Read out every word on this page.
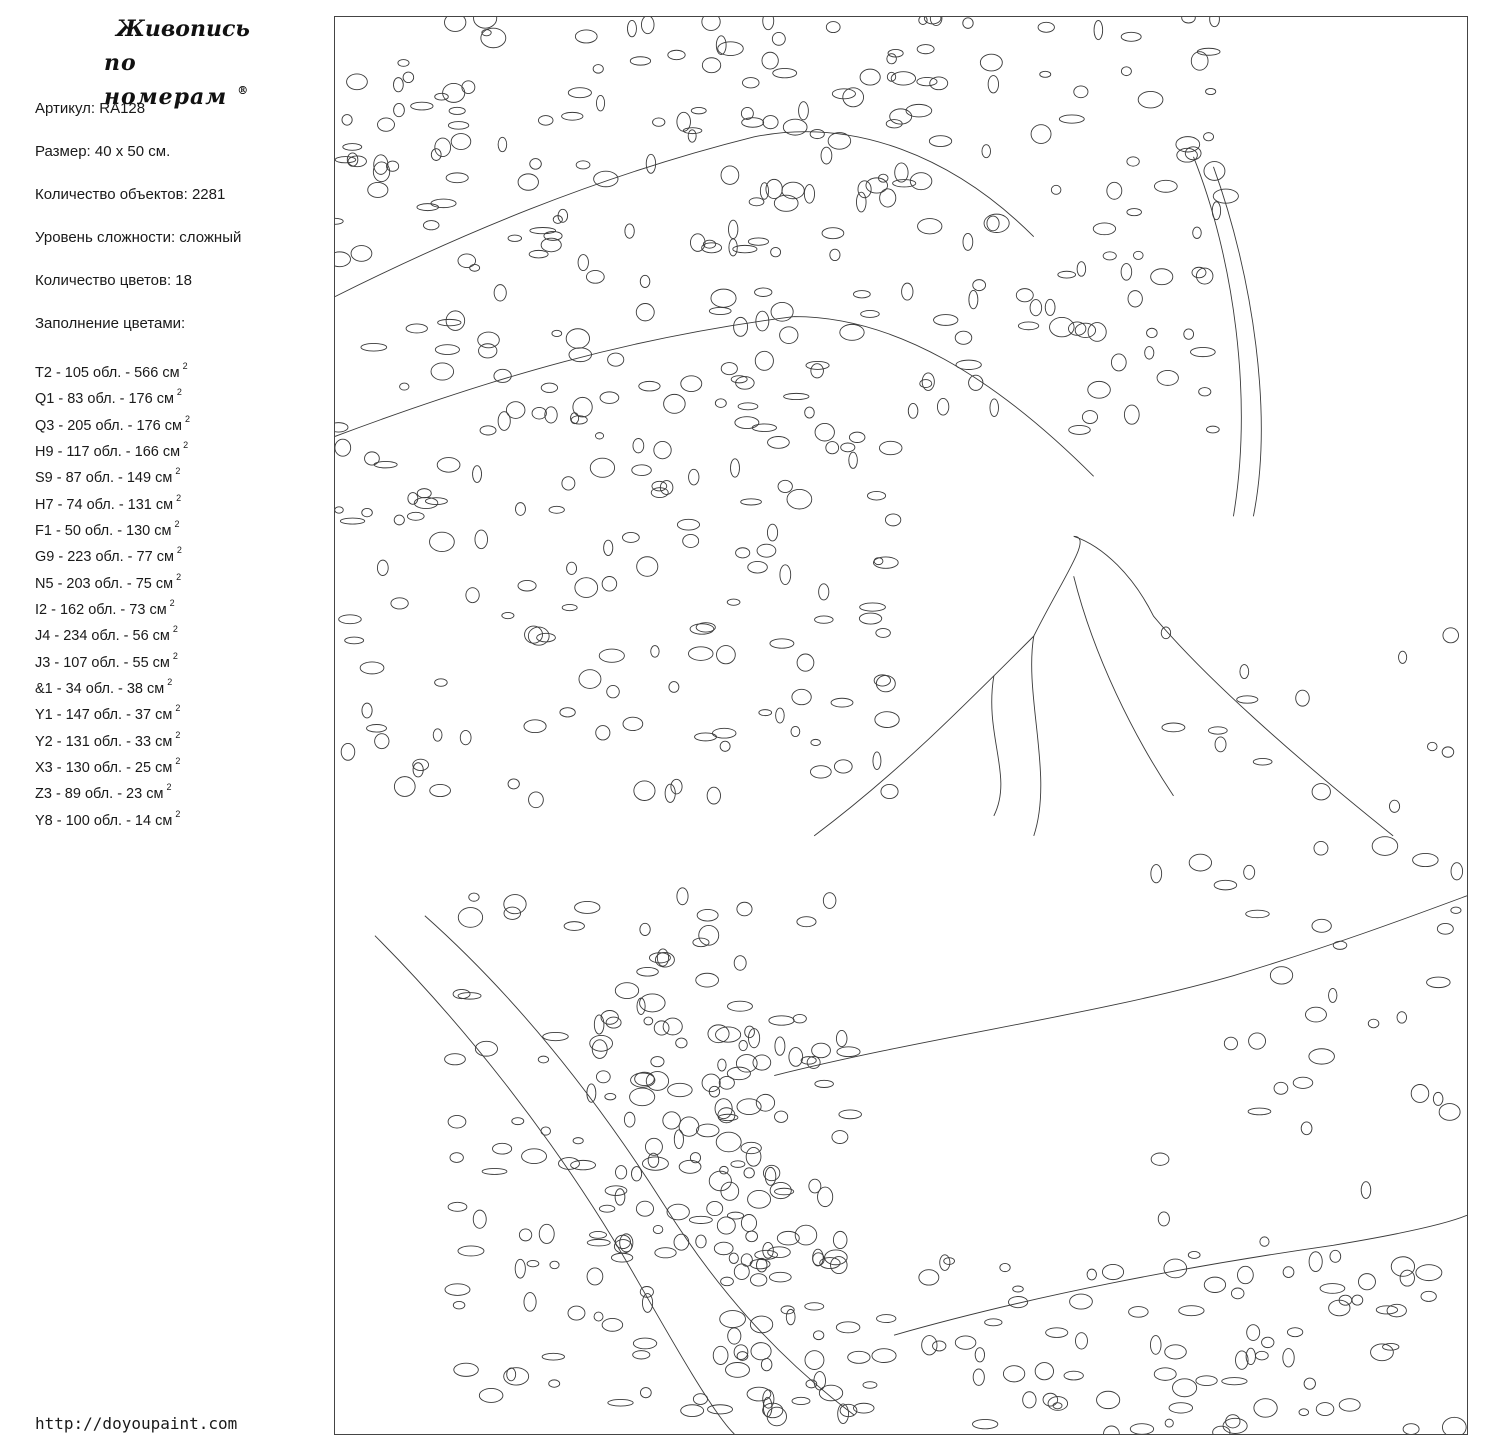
Живопись
по номерам ®

Артикул: RA128

Размер: 40 х 50 см.

Количество объектов: 2281

Уровень сложности: сложный

Количество цветов: 18

Заполнение цветами:

T2 - 105 обл. - 566 см $^2$
Q1 - 83 обл. - 176 см $^2$
Q3 - 205 обл. - 176 см $^2$
H9 - 117 обл. - 166 см $^2$
S9 - 87 обл. - 149 см $^2$
H7 - 74 обл. - 131 см $^2$
F1 - 50 обл. - 130 см $^2$
G9 - 223 обл. - 77 см $^2$
N5 - 203 обл. - 75 см $^2$
I2 - 162 обл. - 73 см $^2$
J4 - 234 обл. - 56 см $^2$
J3 - 107 обл. - 55 см $^2$
&1 - 34 обл. - 38 см $^2$
Y1 - 147 обл. - 37 см $^2$
Y2 - 131 обл. - 33 см $^2$
X3 - 130 обл. - 25 см $^2$
Z3 - 89 обл. - 23 см $^2$
Y8 - 100 обл. - 14 см $^2$
http://doyoupaint.com
